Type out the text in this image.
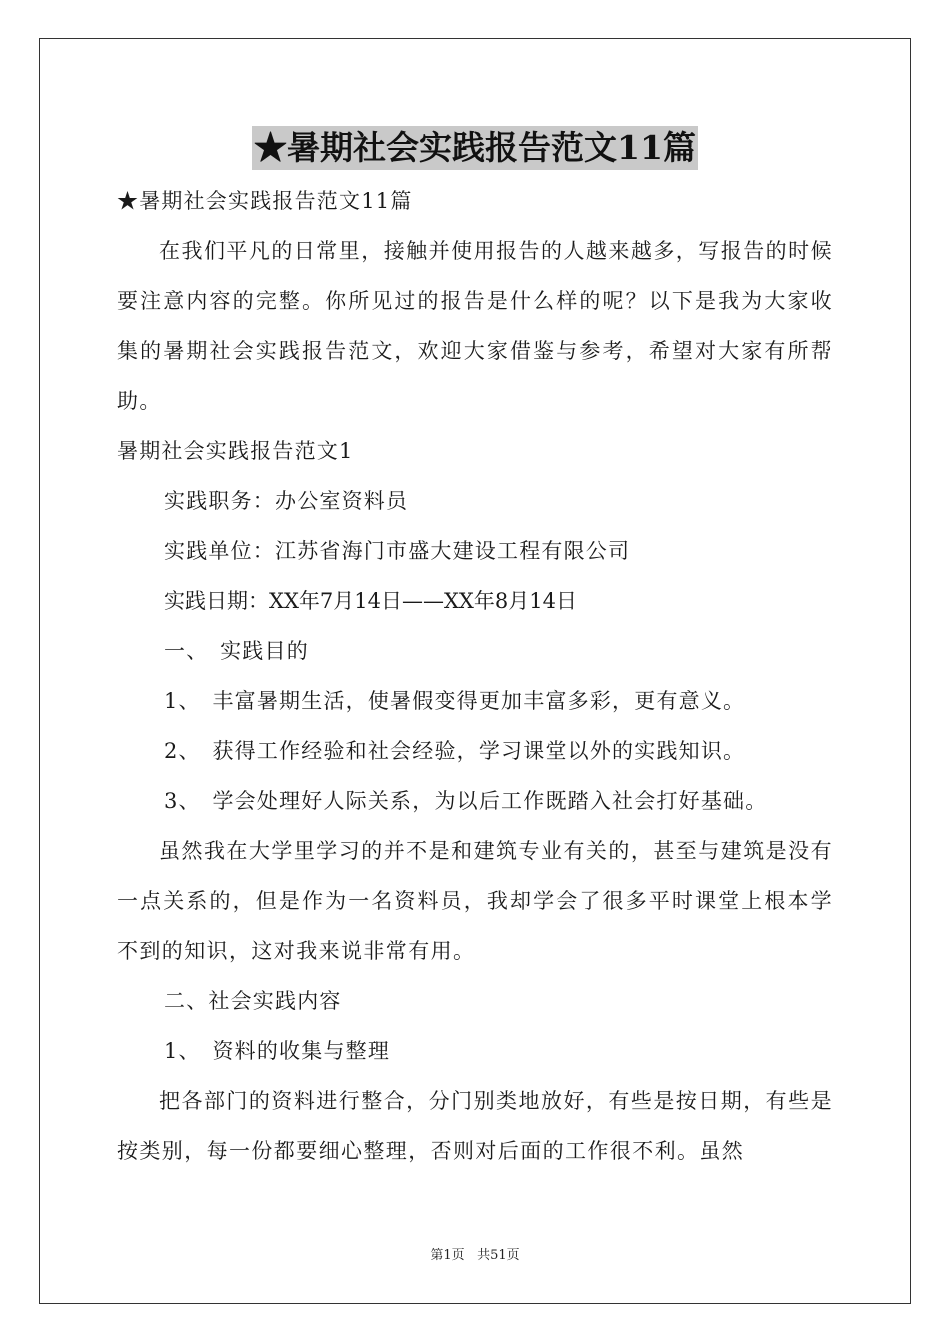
★暑期社会实践报告范文11篇
★暑期社会实践报告范文11篇
在我们平凡的日常里，接触并使用报告的人越来越多，写报告的时候要注意内容的完整。你所见过的报告是什么样的呢？以下是我为大家收集的暑期社会实践报告范文，欢迎大家借鉴与参考，希望对大家有所帮助。
暑期社会实践报告范文1
实践职务：办公室资料员
实践单位：江苏省海门市盛大建设工程有限公司
实践日期：XX年7月14日——XX年8月14日
一、　实践目的
1、　丰富暑期生活，使暑假变得更加丰富多彩，更有意义。
2、　获得工作经验和社会经验，学习课堂以外的实践知识。
3、　学会处理好人际关系，为以后工作既踏入社会打好基础。
虽然我在大学里学习的并不是和建筑专业有关的，甚至与建筑是没有一点关系的，但是作为一名资料员，我却学会了很多平时课堂上根本学不到的知识，这对我来说非常有用。
二、社会实践内容
1、　资料的收集与整理
把各部门的资料进行整合，分门别类地放好，有些是按日期，有些是按类别，每一份都要细心整理，否则对后面的工作很不利。虽然
第1页 共51页
